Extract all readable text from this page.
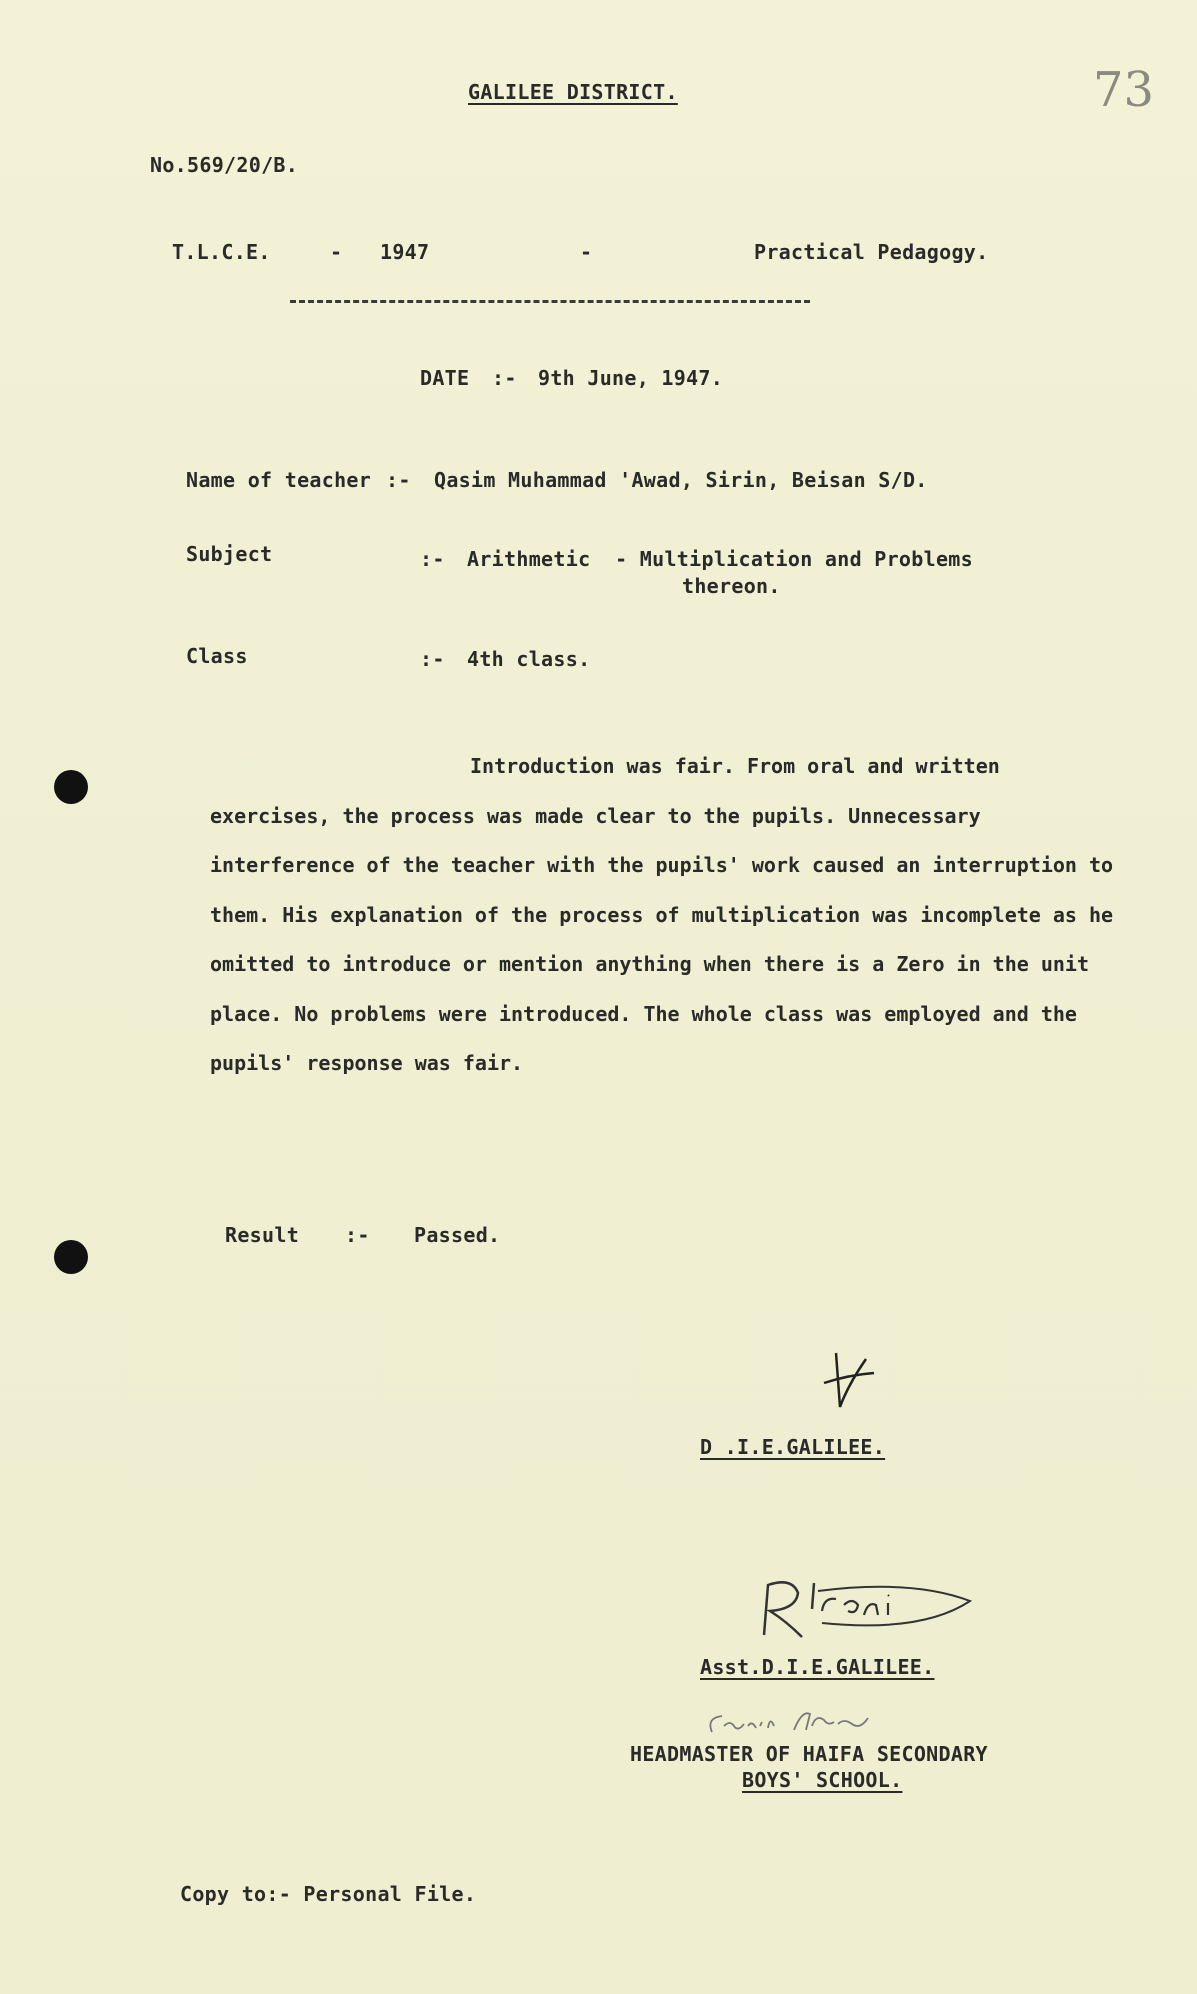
73
GALILEE DISTRICT.
No.569/20/B.
T.L.C.E.	- 1947	-	Practical Pedagogy.
DATE :- 9th June, 1947.
Name of teacher :- Qasim Muhammad 'Awad, Sirin, Beisan S/D.
Subject	:- Arithmetic  - Multiplication and Problems
thereon.
Class	:- 4th class.

Introduction was fair. From oral and written exercises, the process was made clear to the pupils. Unnecessary interference of the teacher with the pupils' work caused an interruption to them. His explanation of the process of multiplication was incomplete as he omitted to introduce or mention anything when there is a Zero in the unit place. No problems were introduced. The whole class was employed and the pupils' response was fair.

Result :- Passed.
D .I.E.GALILEE.
Asst.D.I.E.GALILEE.
HEADMASTER OF HAIFA SECONDARY
BOYS' SCHOOL.
Copy to:- Personal File.
